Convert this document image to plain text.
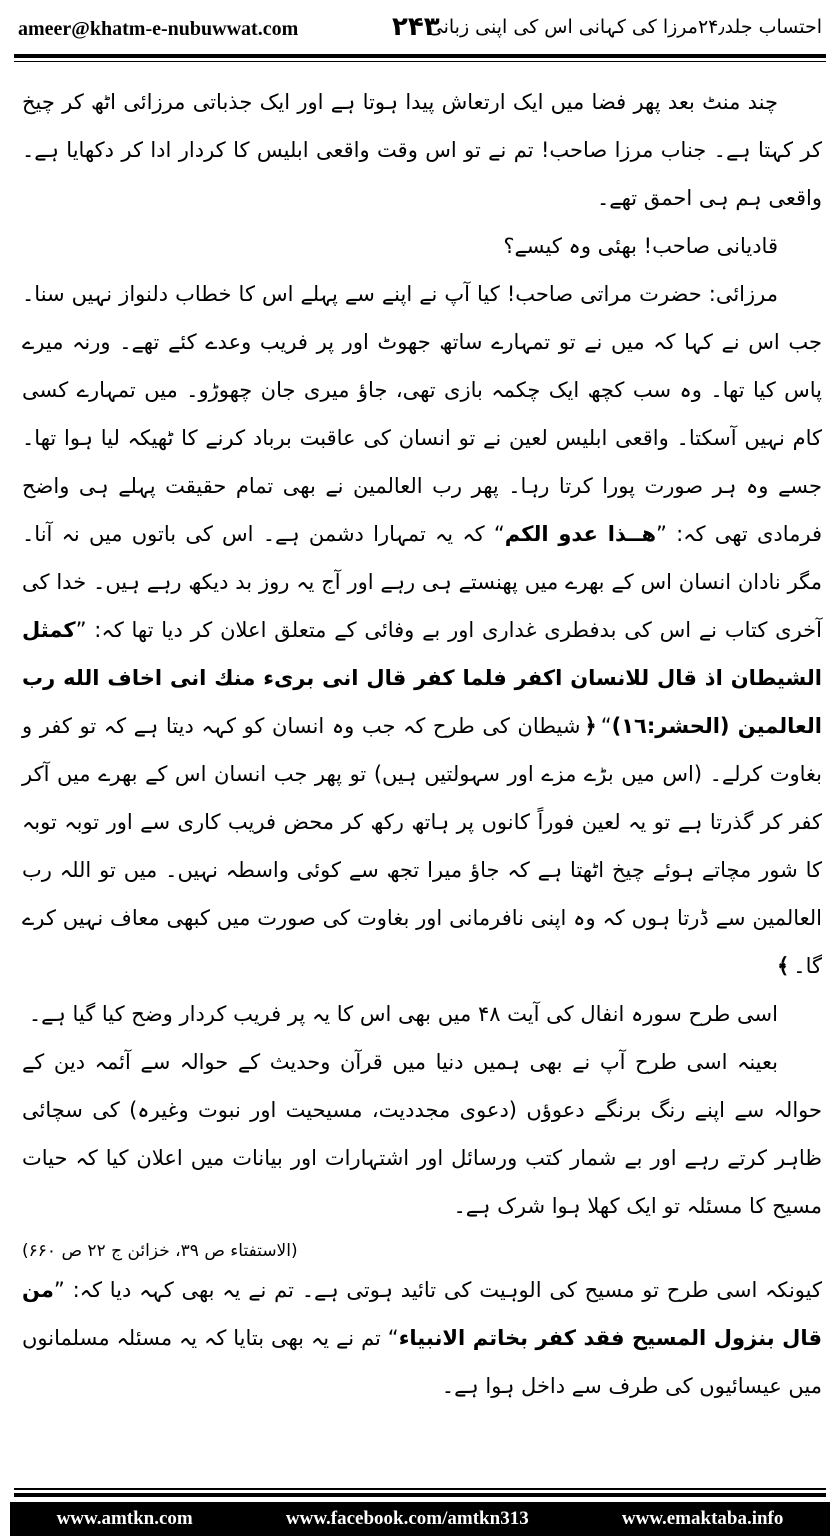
ameer@khatm-e-nubuwwat.com	۲۴۳
احتساب جلد۲۴٫مرزا کی کہانی اس کی اپنی زبانی

چند منٹ بعد پھر فضا میں ایک ارتعاش پیدا ہوتا ہے اور ایک جذباتی مرزائی اٹھ کر چیخ کر کہتا ہے۔ جناب مرزا صاحب! تم نے تو اس وقت واقعی ابلیس کا کردار ادا کر دکھایا ہے۔ واقعی ہم ہی احمق تھے۔

قادیانی صاحب! بھئی وہ کیسے؟

مرزائی: حضرت مراتی صاحب! کیا آپ نے اپنے سے پہلے اس کا خطاب دلنواز نہیں سنا۔ جب اس نے کہا کہ میں نے تو تمہارے ساتھ جھوٹ اور پر فریب وعدے کئے تھے۔ ورنہ میرے پاس کیا تھا۔ وہ سب کچھ ایک چکمہ بازی تھی، جاؤ میری جان چھوڑو۔ میں تمہارے کسی کام نہیں آسکتا۔ واقعی ابلیس لعین نے تو انسان کی عاقبت برباد کرنے کا ٹھیکہ لیا ہوا تھا۔ جسے وہ ہر صورت پورا کرتا رہا۔ پھر رب العالمین نے بھی تمام حقیقت پہلے ہی واضح فرمادی تھی کہ: ”هــذا عدو الكم“ کہ یہ تمہارا دشمن ہے۔ اس کی باتوں میں نہ آنا۔ مگر نادان انسان اس کے بھرے میں پھنستے ہی رہے اور آج یہ روز بد دیکھ رہے ہیں۔ خدا کی آخری کتاب نے اس کی بدفطری غداری اور بے وفائی کے متعلق اعلان کر دیا تھا کہ: ”كمثل الشيطان اذ قال للانسان اكفر فلما كفر قال انى برىء منك انى اخاف الله رب العالمين (الحشر:١٦)“﴿شیطان کی طرح کہ جب وہ انسان کو کہہ دیتا ہے کہ تو کفر و بغاوت کرلے۔ (اس میں بڑے مزے اور سہولتیں ہیں) تو پھر جب انسان اس کے بھرے میں آکر کفر کر گذرتا ہے تو یہ لعین فوراً کانوں پر ہاتھ رکھ کر محض فریب کاری سے اور توبہ توبہ کا شور مچاتے ہوئے چیخ اٹھتا ہے کہ جاؤ میرا تجھ سے کوئی واسطہ نہیں۔ میں تو اللہ رب العالمین سے ڈرتا ہوں کہ وہ اپنی نافرمانی اور بغاوت کی صورت میں کبھی معاف نہیں کرے گا۔﴾

اسی طرح سورہ انفال کی آیت ۴۸ میں بھی اس کا یہ پر فریب کردار وضح کیا گیا ہے۔

بعینہ اسی طرح آپ نے بھی ہمیں دنیا میں قرآن وحدیث کے حوالہ سے آئمہ دین کے حوالہ سے اپنے رنگ برنگے دعوؤں (دعوی مجددیت، مسیحیت اور نبوت وغیرہ) کی سچائی ظاہر کرتے رہے اور بے شمار کتب ورسائل اور اشتہارات اور بیانات میں اعلان کیا کہ حیات مسیح کا مسئلہ تو ایک کھلا ہوا شرک ہے۔

(الاستفتاء ص ۳۹، خزائن ج ۲۲ ص ۶۶۰)

کیونکہ اسی طرح تو مسیح کی الوہیت کی تائید ہوتی ہے۔ تم نے یہ بھی کہہ دیا کہ: ”من قال بنزول المسيح فقد كفر بخاتم الانبياء“ تم نے یہ بھی بتایا کہ یہ مسئلہ مسلمانوں میں عیسائیوں کی طرف سے داخل ہوا ہے۔

www.amtkn.com	www.facebook.com/amtkn313	www.emaktaba.info
